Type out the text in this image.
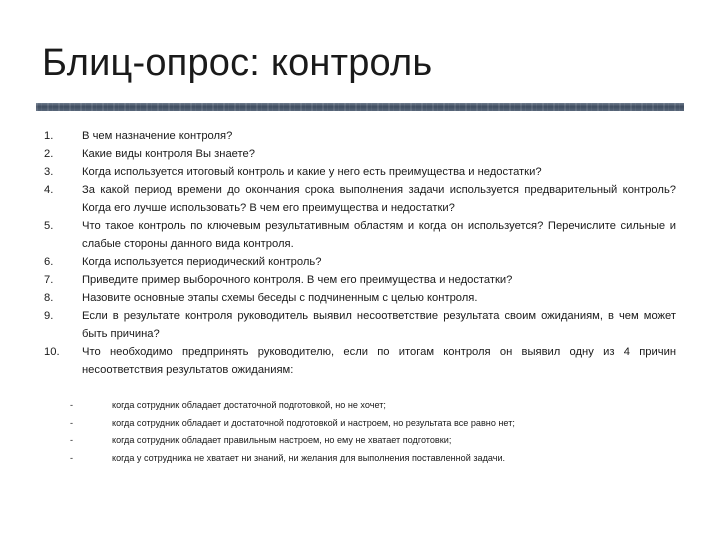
Блиц-опрос: контроль
1.	В чем назначение контроля?
2.	Какие виды контроля Вы знаете?
3.	Когда используется итоговый контроль и какие у него есть преимущества и недостатки?
4.	За какой период времени до окончания срока выполнения задачи используется предварительный контроль? Когда его лучше использовать? В чем его преимущества и недостатки?
5.	Что такое контроль по ключевым результативным областям и когда он используется? Перечислите сильные и слабые стороны данного вида контроля.
6.	Когда используется периодический контроль?
7.	Приведите пример выборочного контроля. В чем его преимущества и недостатки?
8.	Назовите основные этапы схемы беседы с подчиненным с целью контроля.
9.	Если в результате контроля руководитель выявил несоответствие результата своим ожиданиям, в чем может быть причина?
10.	Что необходимо предпринять руководителю, если по итогам контроля он выявил одну из 4 причин несоответствия результатов ожиданиям:
-	когда сотрудник обладает достаточной подготовкой, но не хочет;
-	когда сотрудник обладает и достаточной подготовкой и настроем, но результата все равно нет;
-	когда сотрудник обладает правильным настроем, но ему не хватает подготовки;
-	когда у сотрудника не хватает ни знаний, ни желания для выполнения поставленной задачи.
